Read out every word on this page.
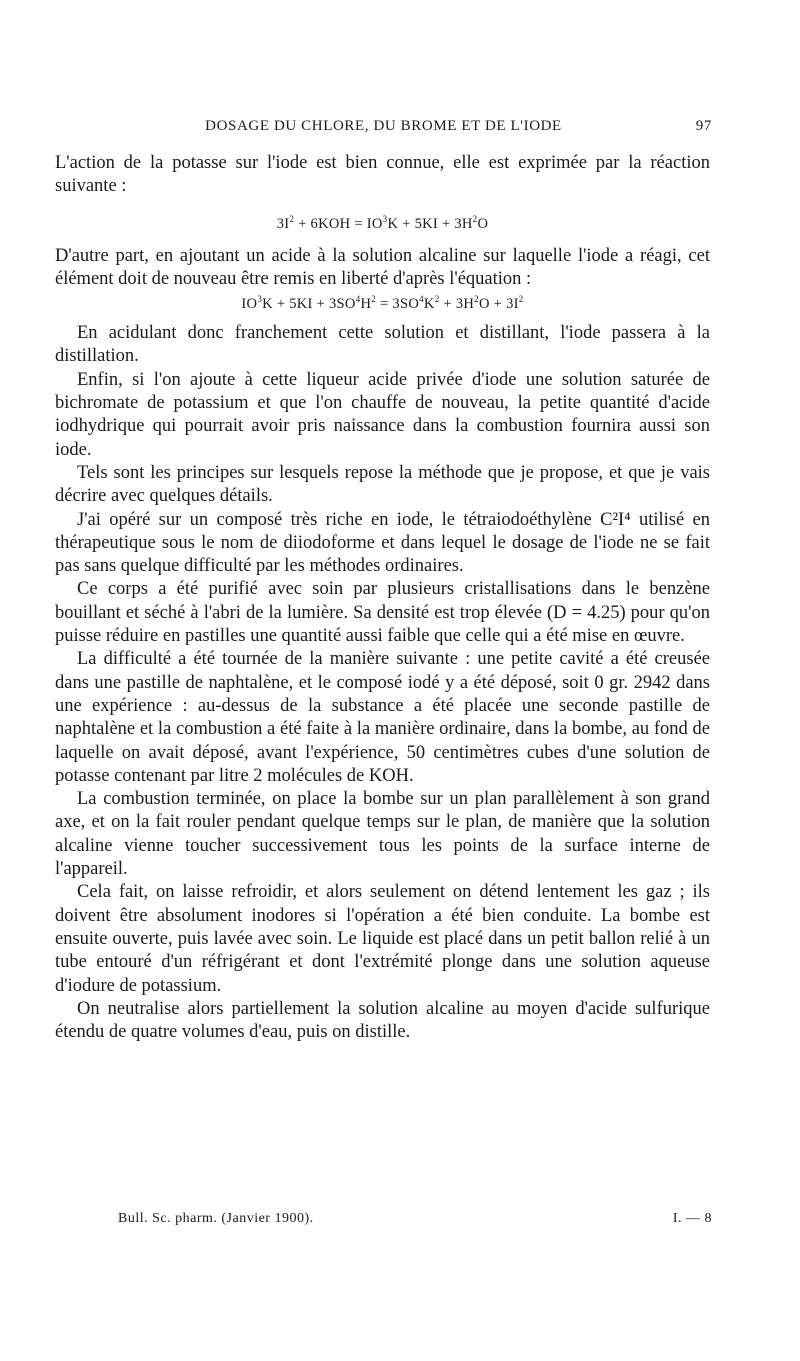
DOSAGE DU CHLORE, DU BROME ET DE L'IODE	97

L'action de la potasse sur l'iode est bien connue, elle est exprimée par la réaction suivante :

$3I^2 + 6KOH = IO^3K + 5KI + 3H^2O$

D'autre part, en ajoutant un acide à la solution alcaline sur laquelle l'iode a réagi, cet élément doit de nouveau être remis en liberté d'après l'équation :

$IO^3K + 5KI + 3SO^4H^2 = 3SO^4K^2 + 3H^2O + 3I^2$

En acidulant donc franchement cette solution et distillant, l'iode passera à la distillation.

Enfin, si l'on ajoute à cette liqueur acide privée d'iode une solution saturée de bichromate de potassium et que l'on chauffe de nouveau, la petite quantité d'acide iodhydrique qui pourrait avoir pris naissance dans la combustion fournira aussi son iode.

Tels sont les principes sur lesquels repose la méthode que je propose, et que je vais décrire avec quelques détails.

J'ai opéré sur un composé très riche en iode, le tétraiodoéthylène C²I⁴ utilisé en thérapeutique sous le nom de diiodoforme et dans lequel le dosage de l'iode ne se fait pas sans quelque difficulté par les méthodes ordinaires.

Ce corps a été purifié avec soin par plusieurs cristallisations dans le benzène bouillant et séché à l'abri de la lumière. Sa densité est trop élevée (D = 4.25) pour qu'on puisse réduire en pastilles une quantité aussi faible que celle qui a été mise en œuvre.

La difficulté a été tournée de la manière suivante : une petite cavité a été creusée dans une pastille de naphtalène, et le composé iodé y a été déposé, soit 0 gr. 2942 dans une expérience : au-dessus de la substance a été placée une seconde pastille de naphtalène et la combustion a été faite à la manière ordinaire, dans la bombe, au fond de laquelle on avait déposé, avant l'expérience, 50 centimètres cubes d'une solution de potasse contenant par litre 2 molécules de KOH.

La combustion terminée, on place la bombe sur un plan parallèlement à son grand axe, et on la fait rouler pendant quelque temps sur le plan, de manière que la solution alcaline vienne toucher successivement tous les points de la surface interne de l'appareil.

Cela fait, on laisse refroidir, et alors seulement on détend lentement les gaz ; ils doivent être absolument inodores si l'opération a été bien conduite. La bombe est ensuite ouverte, puis lavée avec soin. Le liquide est placé dans un petit ballon relié à un tube entouré d'un réfrigérant et dont l'extrémité plonge dans une solution aqueuse d'iodure de potassium.

On neutralise alors partiellement la solution alcaline au moyen d'acide sulfurique étendu de quatre volumes d'eau, puis on distille.

Bull. Sc. pharm. (Janvier 1900).	I. — 8
